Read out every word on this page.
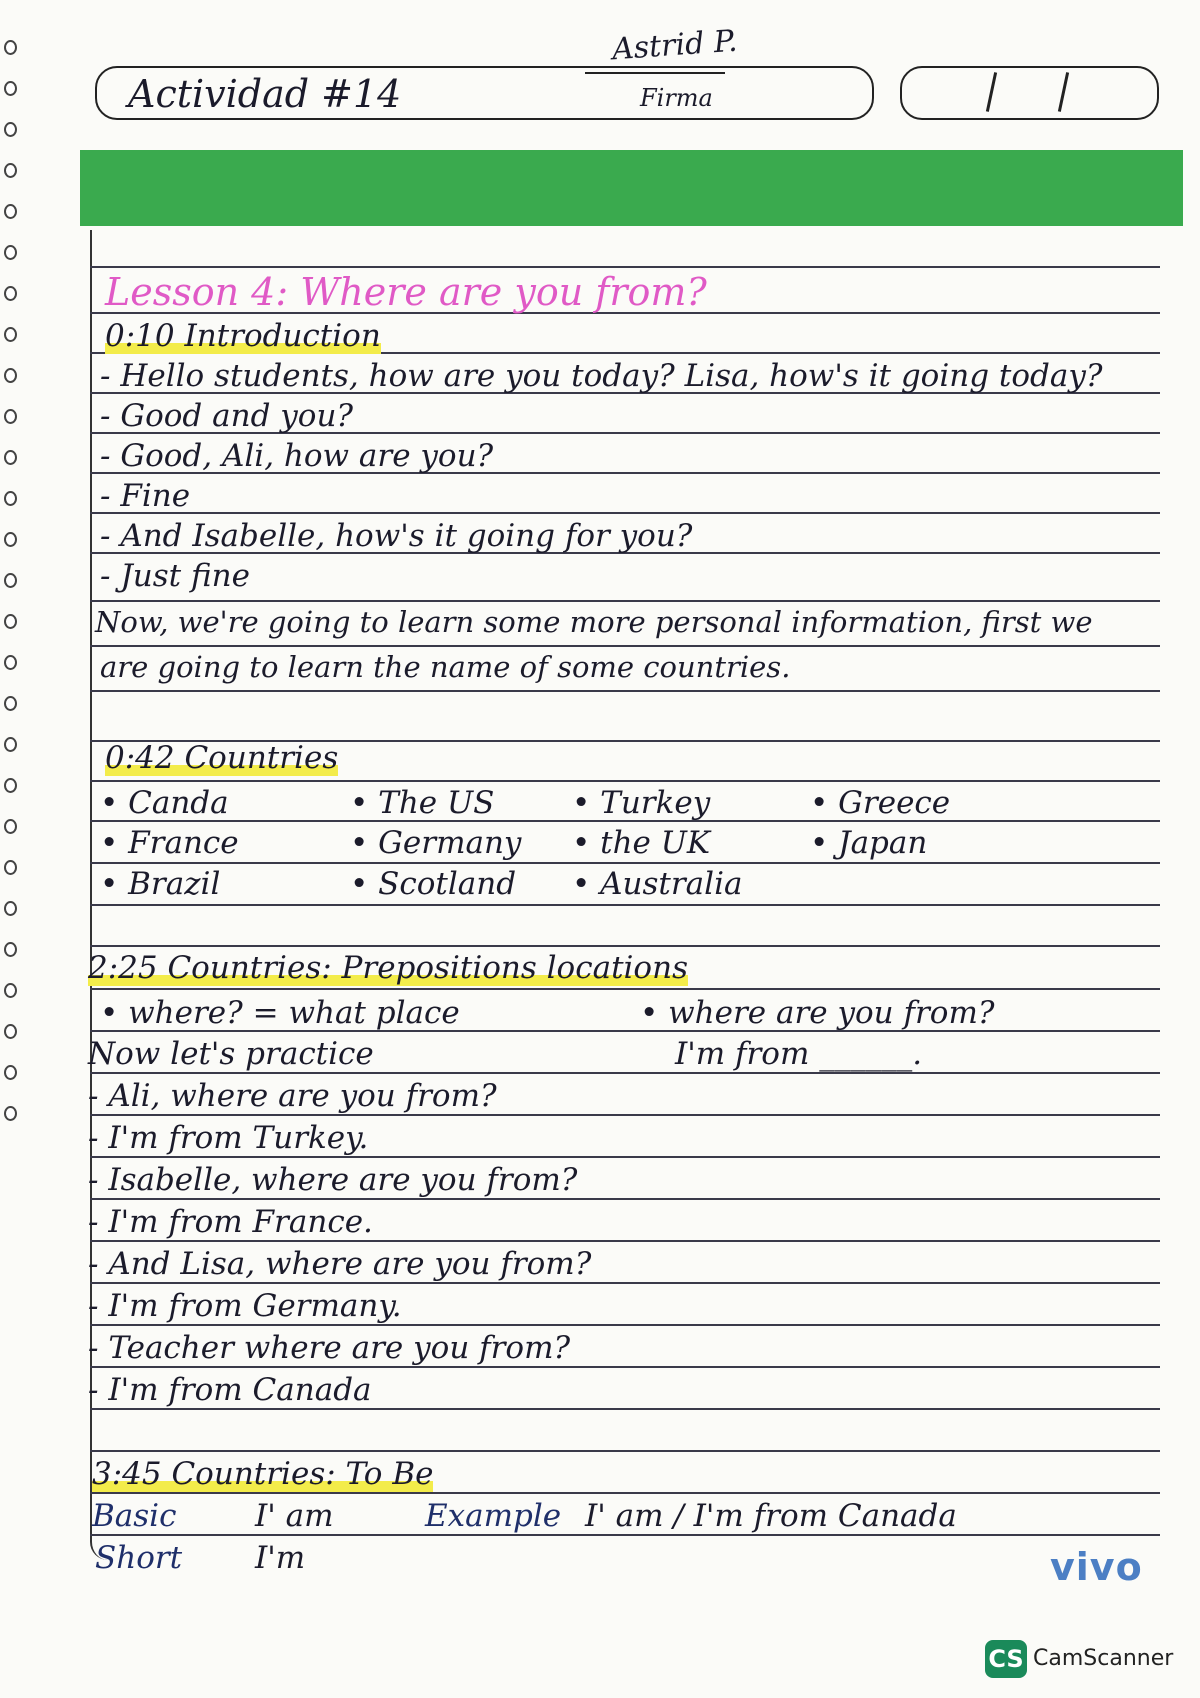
Actividad #14
Astrid P.
Firma
Lesson 4: Where are you from?
0:10 Introduction
- Hello students, how are you today? Lisa, how's it going today?
- Good and you?
- Good, Ali, how are you?
- Fine
- And Isabelle, how's it going for you?
- Just fine
Now, we're going to learn some more personal information, first we
are going to learn the name of some countries.
0:42 Countries
• Canda	• The US	• Turkey	• Greece
• France	• Germany • the UK	• Japan
• Brazil	• Scotland • Australia
2:25 Countries: Prepositions locations
• where? = what place	• where are you from?
Now let's practice	I'm from ______.
- Ali, where are you from?
- I'm from Turkey.
- Isabelle, where are you from?
- I'm from France.
- And Lisa, where are you from?
- I'm from Germany.
- Teacher where are you from?
- I'm from Canada
3:45 Countries: To Be
Basic	I' am	Example I' am / I'm from Canada
Short I'm	vivo
CS CamScanner
